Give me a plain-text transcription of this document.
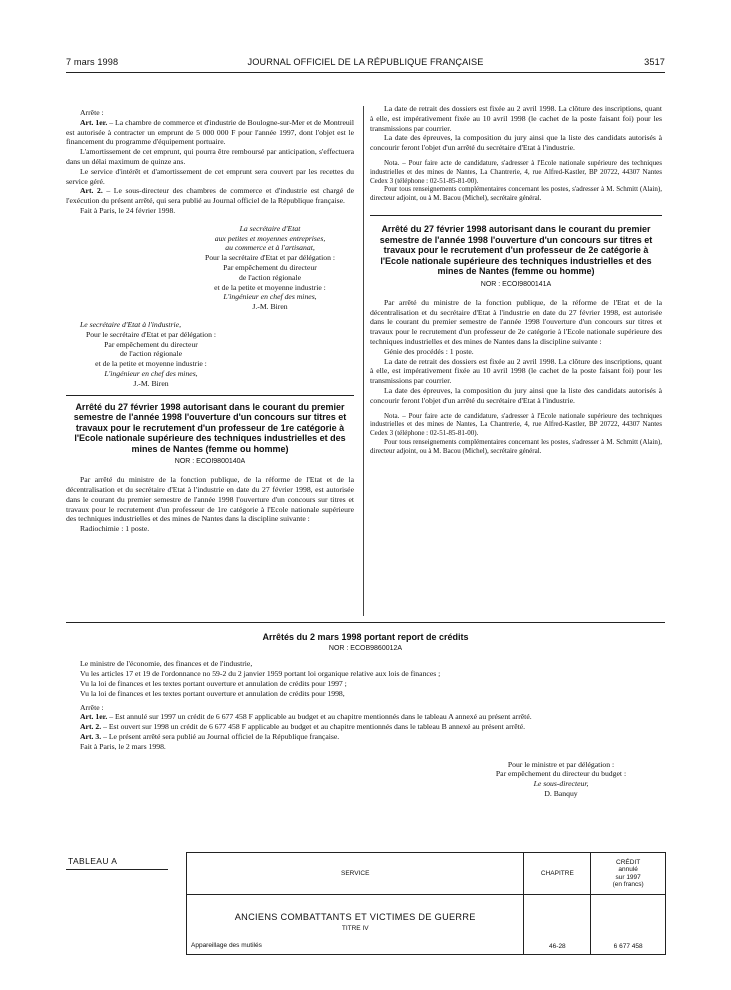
7 mars 1998	JOURNAL OFFICIEL DE LA RÉPUBLIQUE FRANÇAISE	3517

Arrête :

Art. 1er. – La chambre de commerce et d'industrie de Boulogne-sur-Mer et de Montreuil est autorisée à contracter un emprunt de 5 000 000 F pour l'année 1997, dont l'objet est le financement du programme d'équipement portuaire.

L'amortissement de cet emprunt, qui pourra être remboursé par anticipation, s'effectuera dans un délai maximum de quinze ans.

Le service d'intérêt et d'amortissement de cet emprunt sera couvert par les recettes du service géré.

Art. 2. – Le sous-directeur des chambres de commerce et d'industrie est chargé de l'exécution du présent arrêté, qui sera publié au Journal officiel de la République française.

Fait à Paris, le 24 février 1998.

La secrétaire d'Etat
aux petites et moyennes entreprises,
au commerce et à l'artisanat,
Pour la secrétaire d'Etat et par délégation :
Par empêchement du directeur
de l'action régionale
et de la petite et moyenne industrie :
L'ingénieur en chef des mines,
J.-M. Biren
Le secrétaire d'Etat à l'industrie,
Pour le secrétaire d'Etat et par délégation :
Par empêchement du directeur
de l'action régionale
et de la petite et moyenne industrie :
L'ingénieur en chef des mines,
J.-M. Biren
Arrêté du 27 février 1998 autorisant dans le courant du premier semestre de l'année 1998 l'ouverture d'un concours sur titres et travaux pour le recrutement d'un professeur de 1re catégorie à l'Ecole nationale supérieure des techniques industrielles et des mines de Nantes (femme ou homme)
NOR : ECOI9800140A

Par arrêté du ministre de la fonction publique, de la réforme de l'Etat et de la décentralisation et du secrétaire d'Etat à l'industrie en date du 27 février 1998, est autorisée dans le courant du premier semestre de l'année 1998 l'ouverture d'un concours sur titres et travaux pour le recrutement d'un professeur de 1re catégorie à l'Ecole nationale supérieure des techniques industrielles et des mines de Nantes dans la discipline suivante :

Radiochimie : 1 poste.

La date de retrait des dossiers est fixée au 2 avril 1998. La clôture des inscriptions, quant à elle, est impérativement fixée au 10 avril 1998 (le cachet de la poste faisant foi) pour les transmissions par courrier.

La date des épreuves, la composition du jury ainsi que la liste des candidats autorisés à concourir feront l'objet d'un arrêté du secrétaire d'Etat à l'industrie.

Nota. – Pour faire acte de candidature, s'adresser à l'Ecole nationale supérieure des techniques industrielles et des mines de Nantes, La Chantrerie, 4, rue Alfred-Kastler, BP 20722, 44307 Nantes Cedex 3 (téléphone : 02-51-85-81-00).

Pour tous renseignements complémentaires concernant les postes, s'adresser à M. Schmitt (Alain), directeur adjoint, ou à M. Bacou (Michel), secrétaire général.

Arrêté du 27 février 1998 autorisant dans le courant du premier semestre de l'année 1998 l'ouverture d'un concours sur titres et travaux pour le recrutement d'un professeur de 2e catégorie à l'Ecole nationale supérieure des techniques industrielles et des mines de Nantes (femme ou homme)
NOR : ECOI9800141A

Par arrêté du ministre de la fonction publique, de la réforme de l'Etat et de la décentralisation et du secrétaire d'Etat à l'industrie en date du 27 février 1998, est autorisée dans le courant du premier semestre de l'année 1998 l'ouverture d'un concours sur titres et travaux pour le recrutement d'un professeur de 2e catégorie à l'Ecole nationale supérieure des techniques industrielles et des mines de Nantes dans la discipline suivante :

Génie des procédés : 1 poste.

La date de retrait des dossiers est fixée au 2 avril 1998. La clôture des inscriptions, quant à elle, est impérativement fixée au 10 avril 1998 (le cachet de la poste faisant foi) pour les transmissions par courrier.

La date des épreuves, la composition du jury ainsi que la liste des candidats autorisés à concourir feront l'objet d'un arrêté du secrétaire d'Etat à l'industrie.

Nota. – Pour faire acte de candidature, s'adresser à l'Ecole nationale supérieure des techniques industrielles et des mines de Nantes, La Chantrerie, 4, rue Alfred-Kastler, BP 20722, 44307 Nantes Cedex 3 (téléphone : 02-51-85-81-00).

Pour tous renseignements complémentaires concernant les postes, s'adresser à M. Schmitt (Alain), directeur adjoint, ou à M. Bacou (Michel), secrétaire général.

Arrêtés du 2 mars 1998 portant report de crédits
NOR : ECOB9860012A

Le ministre de l'économie, des finances et de l'industrie,

Vu les articles 17 et 19 de l'ordonnance no 59-2 du 2 janvier 1959 portant loi organique relative aux lois de finances ;

Vu la loi de finances et les textes portant ouverture et annulation de crédits pour 1997 ;

Vu la loi de finances et les textes portant ouverture et annulation de crédits pour 1998,

Arrête :

Art. 1er. – Est annulé sur 1997 un crédit de 6 677 458 F applicable au budget et au chapitre mentionnés dans le tableau A annexé au présent arrêté.

Art. 2. – Est ouvert sur 1998 un crédit de 6 677 458 F applicable au budget et au chapitre mentionnés dans le tableau B annexé au présent arrêté.

Art. 3. – Le présent arrêté sera publié au Journal officiel de la République française.

Fait à Paris, le 2 mars 1998.

Pour le ministre et par délégation :
Par empêchement du directeur du budget :
Le sous-directeur,
D. Banquy
TABLEAU A
SERVICE	CHAPITRE	CRÉDIT
annulé
sur 1997
(en francs)

ANCIENS COMBATTANTS ET VICTIMES DE GUERRE
TITRE IV
Appareillage des mutilés	46-28	6 677 458
